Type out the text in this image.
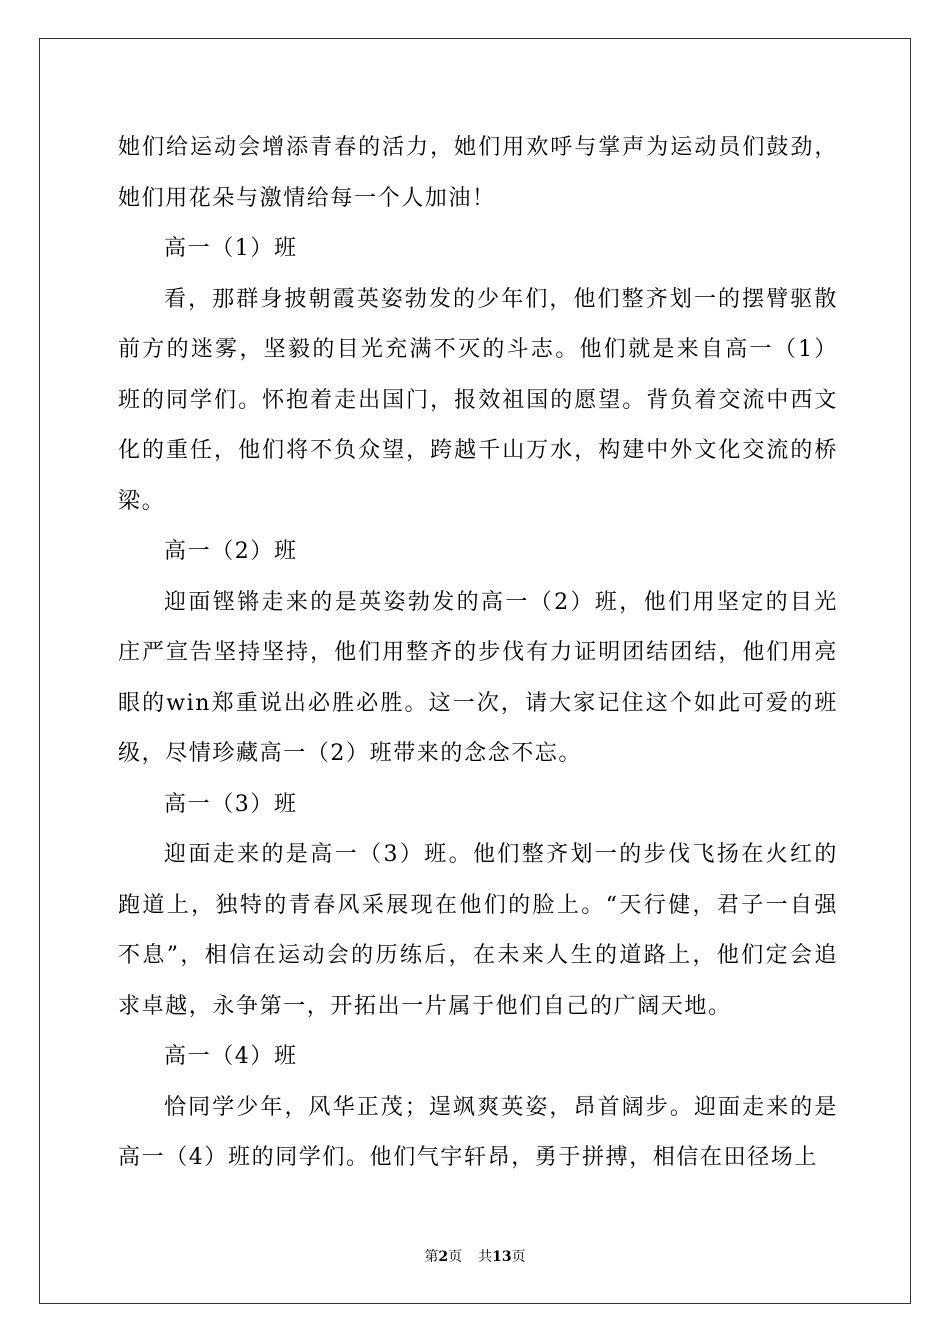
她们给运动会增添青春的活力，她们用欢呼与掌声为运动员们鼓劲，她们用花朵与激情给每一个人加油！

高一（1）班

看，那群身披朝霞英姿勃发的少年们，他们整齐划一的摆臂驱散前方的迷雾，坚毅的目光充满不灭的斗志。他们就是来自高一（1）班的同学们。怀抱着走出国门，报效祖国的愿望。背负着交流中西文化的重任，他们将不负众望，跨越千山万水，构建中外文化交流的桥梁。

高一（2）班

迎面铿锵走来的是英姿勃发的高一（2）班，他们用坚定的目光庄严宣告坚持坚持，他们用整齐的步伐有力证明团结团结，他们用亮眼的win郑重说出必胜必胜。这一次，请大家记住这个如此可爱的班级，尽情珍藏高一（2）班带来的念念不忘。

高一（3）班

迎面走来的是高一（3）班。他们整齐划一的步伐飞扬在火红的跑道上，独特的青春风采展现在他们的脸上。“天行健，君子一自强不息”，相信在运动会的历练后，在未来人生的道路上，他们定会追求卓越，永争第一，开拓出一片属于他们自己的广阔天地。

高一（4）班

恰同学少年，风华正茂；逞飒爽英姿，昂首阔步。迎面走来的是高一（4）班的同学们。他们气宇轩昂，勇于拼搏，相信在田径场上

第2页 共13页
